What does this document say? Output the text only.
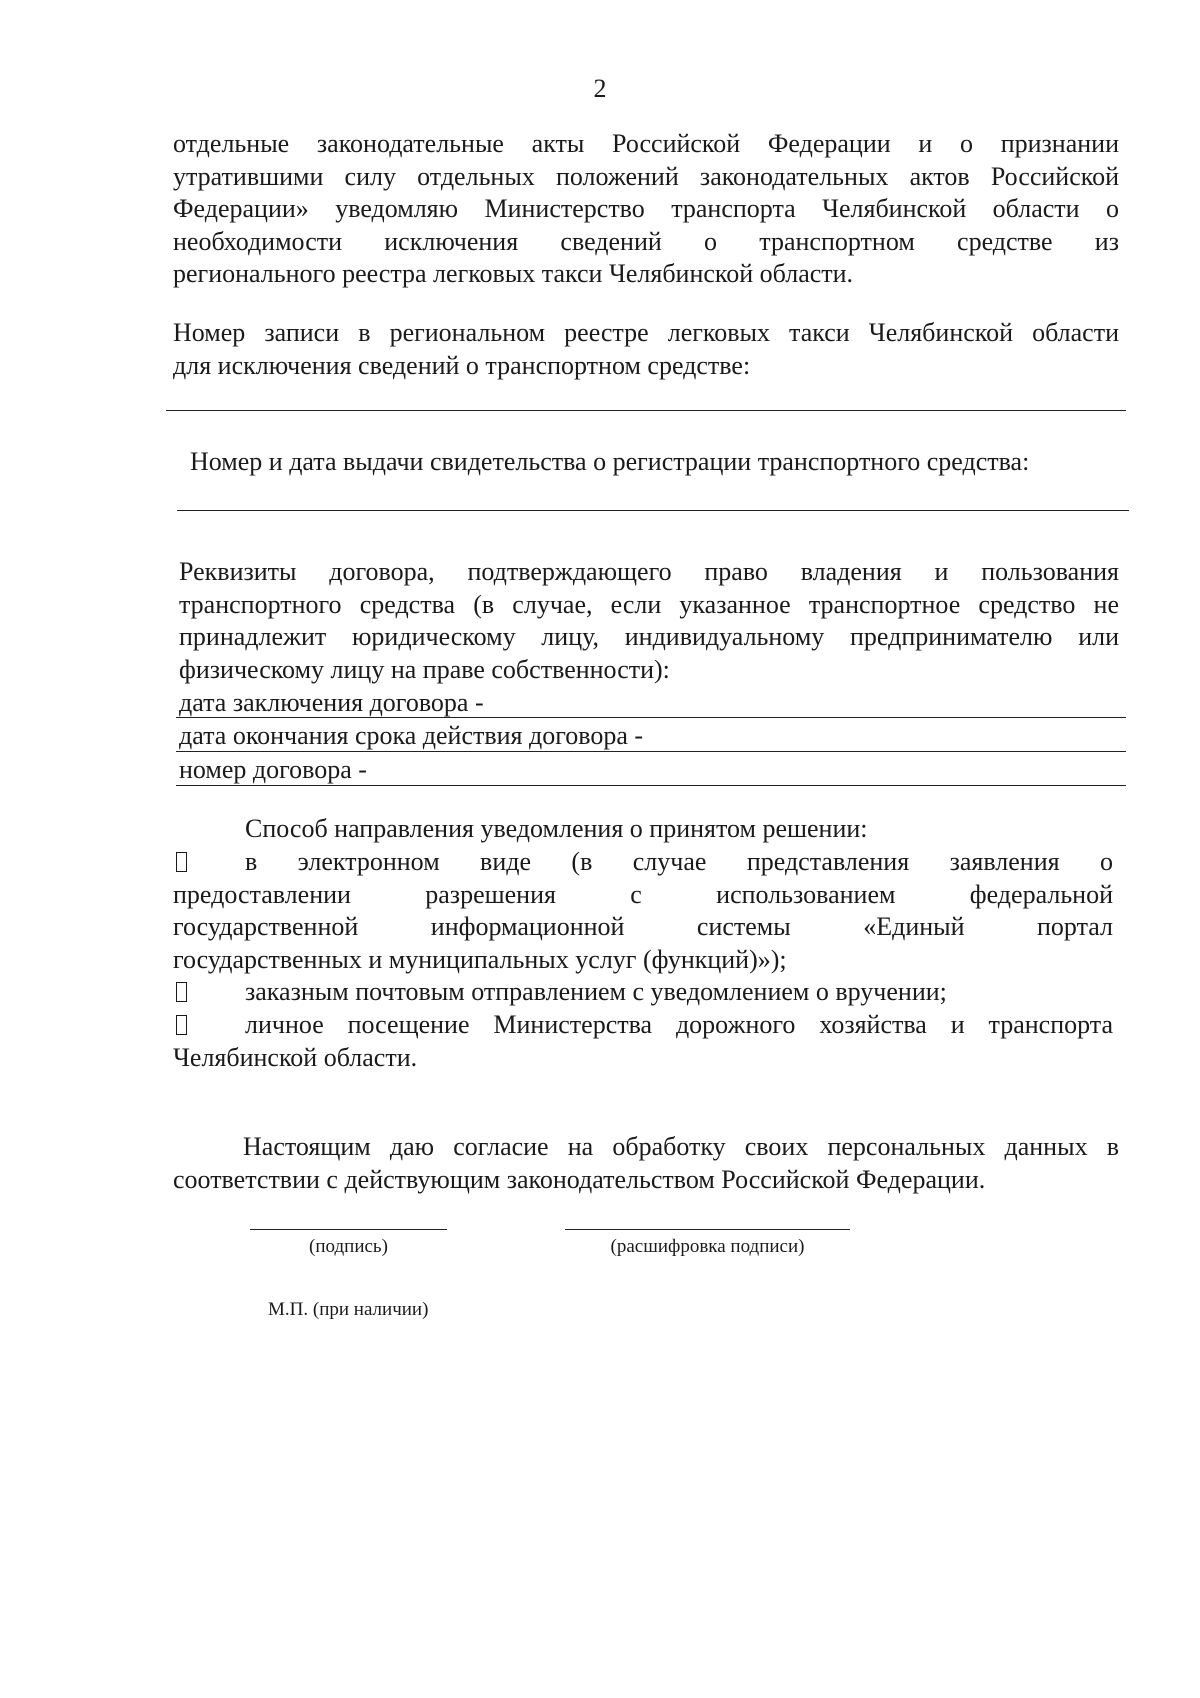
2
отдельные законодательные акты Российской Федерации и о признании
утратившими силу отдельных положений законодательных актов Российской
Федерации» уведомляю Министерство транспорта Челябинской области о
необходимости исключения сведений о транспортном средстве из
регионального реестра легковых такси Челябинской области.
Номер записи в региональном реестре легковых такси Челябинской области
для исключения сведений о транспортном средстве:
Номер и дата выдачи свидетельства о регистрации транспортного средства:
Реквизиты договора, подтверждающего право владения и пользования
транспортного средства (в случае, если указанное транспортное средство не
принадлежит юридическому лицу, индивидуальному предпринимателю или
физическому лицу на праве собственности):
дата заключения договора -
дата окончания срока действия договора -
номер договора -
Способ направления уведомления о принятом решении:
в электронном виде (в случае представления заявления о
предоставлении разрешения с использованием федеральной
государственной информационной системы «Единый портал
государственных и муниципальных услуг (функций)»);
заказным почтовым отправлением с уведомлением о вручении;
личное посещение Министерства дорожного хозяйства и транспорта
Челябинской области.
Настоящим даю согласие на обработку своих персональных данных в
соответствии с действующим законодательством Российской Федерации.
(подпись)	(расшифровка подписи)
М.П. (при наличии)
